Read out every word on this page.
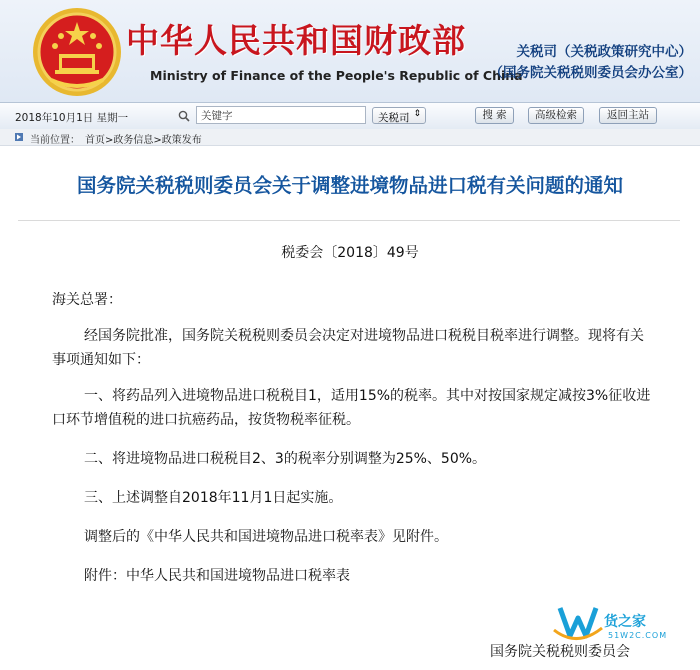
中华人民共和国财政部
Ministry of Finance of the People's Republic of China
关税司（关税政策研究中心）
（国务院关税税则委员会办公室）
2018年10月1日 星期一
关键字	关税司 ⇕	搜 索	高级检索	返回主站
当前位置： 首页>政务信息>政策发布
国务院关税税则委员会关于调整进境物品进口税有关问题的通知
税委会〔2018〕49号
海关总署：
经国务院批准，国务院关税税则委员会决定对进境物品进口税税目税率进行调整。现将有关
事项通知如下：
一、将药品列入进境物品进口税税目1，适用15%的税率。其中对按国家规定减按3%征收进
口环节增值税的进口抗癌药品，按货物税率征税。
二、将进境物品进口税税目2、3的税率分别调整为25%、50%。
三、上述调整自2018年11月1日起实施。
调整后的《中华人民共和国进境物品进口税率表》见附件。
附件：中华人民共和国进境物品进口税率表
国务院关税税则委员会
货之家
51W2C.COM
